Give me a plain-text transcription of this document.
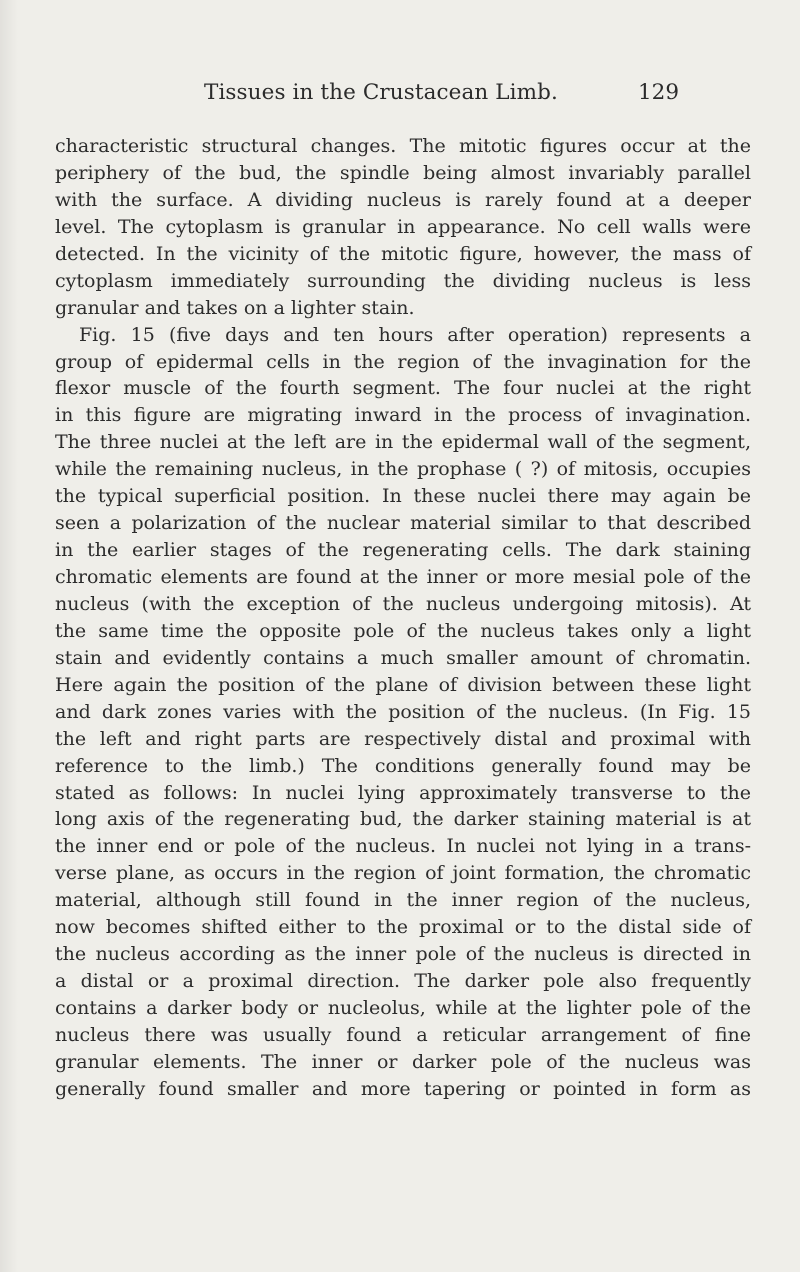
Tissues in the Crustacean Limb.	129
characteristic structural changes. The mitotic figures occur at the
periphery of the bud, the spindle being almost invariably parallel
with the surface. A dividing nucleus is rarely found at a deeper
level. The cytoplasm is granular in appearance. No cell walls were
detected. In the vicinity of the mitotic figure, however, the mass of
cytoplasm immediately surrounding the dividing nucleus is less
granular and takes on a lighter stain.
Fig. 15 (five days and ten hours after operation) represents a
group of epidermal cells in the region of the invagination for the
flexor muscle of the fourth segment. The four nuclei at the right
in this figure are migrating inward in the process of invagination.
The three nuclei at the left are in the epidermal wall of the segment,
while the remaining nucleus, in the prophase ( ?) of mitosis, occupies
the typical superficial position. In these nuclei there may again be
seen a polarization of the nuclear material similar to that described
in the earlier stages of the regenerating cells. The dark staining
chromatic elements are found at the inner or more mesial pole of the
nucleus (with the exception of the nucleus undergoing mitosis). At
the same time the opposite pole of the nucleus takes only a light
stain and evidently contains a much smaller amount of chromatin.
Here again the position of the plane of division between these light
and dark zones varies with the position of the nucleus. (In Fig. 15
the left and right parts are respectively distal and proximal with
reference to the limb.) The conditions generally found may be
stated as follows: In nuclei lying approximately transverse to the
long axis of the regenerating bud, the darker staining material is at
the inner end or pole of the nucleus. In nuclei not lying in a trans-
verse plane, as occurs in the region of joint formation, the chromatic
material, although still found in the inner region of the nucleus,
now becomes shifted either to the proximal or to the distal side of
the nucleus according as the inner pole of the nucleus is directed in
a distal or a proximal direction. The darker pole also frequently
contains a darker body or nucleolus, while at the lighter pole of the
nucleus there was usually found a reticular arrangement of fine
granular elements. The inner or darker pole of the nucleus was
generally found smaller and more tapering or pointed in form as
